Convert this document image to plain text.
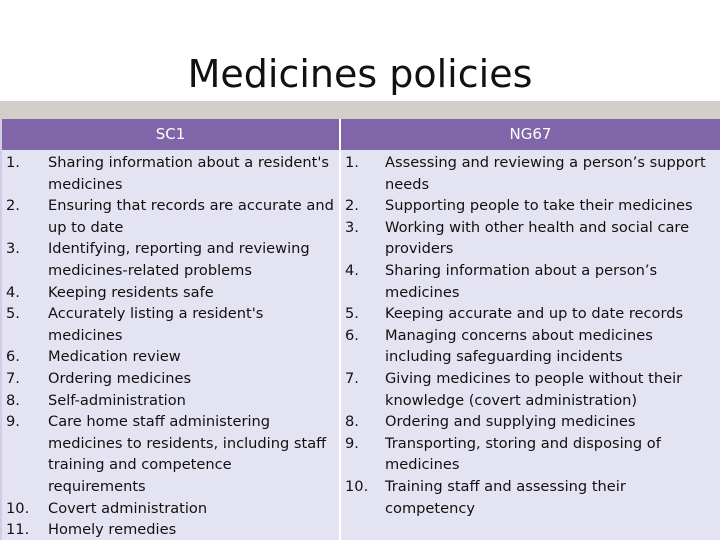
Medicines policies
SC1
1.	Sharing information about a resident's
medicines
2.	Ensuring that records are accurate and
up to date
3.	Identifying, reporting and reviewing
medicines-related problems
4.	Keeping residents safe
5.	Accurately listing a resident's
medicines
6.	Medication review
7.	Ordering medicines
8.	Self-administration
9.	Care home staff administering
medicines to residents, including staff
training and competence
requirements
10.	Covert administration
11.	Homely remedies
NG67
1.	Assessing and reviewing a person’s support
needs
2.	Supporting people to take their medicines
3.	Working with other health and social care
providers
4.	Sharing information about a person’s
medicines
5.	Keeping accurate and up to date records
6.	Managing concerns about medicines
including safeguarding incidents
7.	Giving medicines to people without their
knowledge (covert administration)
8.	Ordering and supplying medicines
9.	Transporting, storing and disposing of
medicines
10.	Training staff and assessing their
competency
